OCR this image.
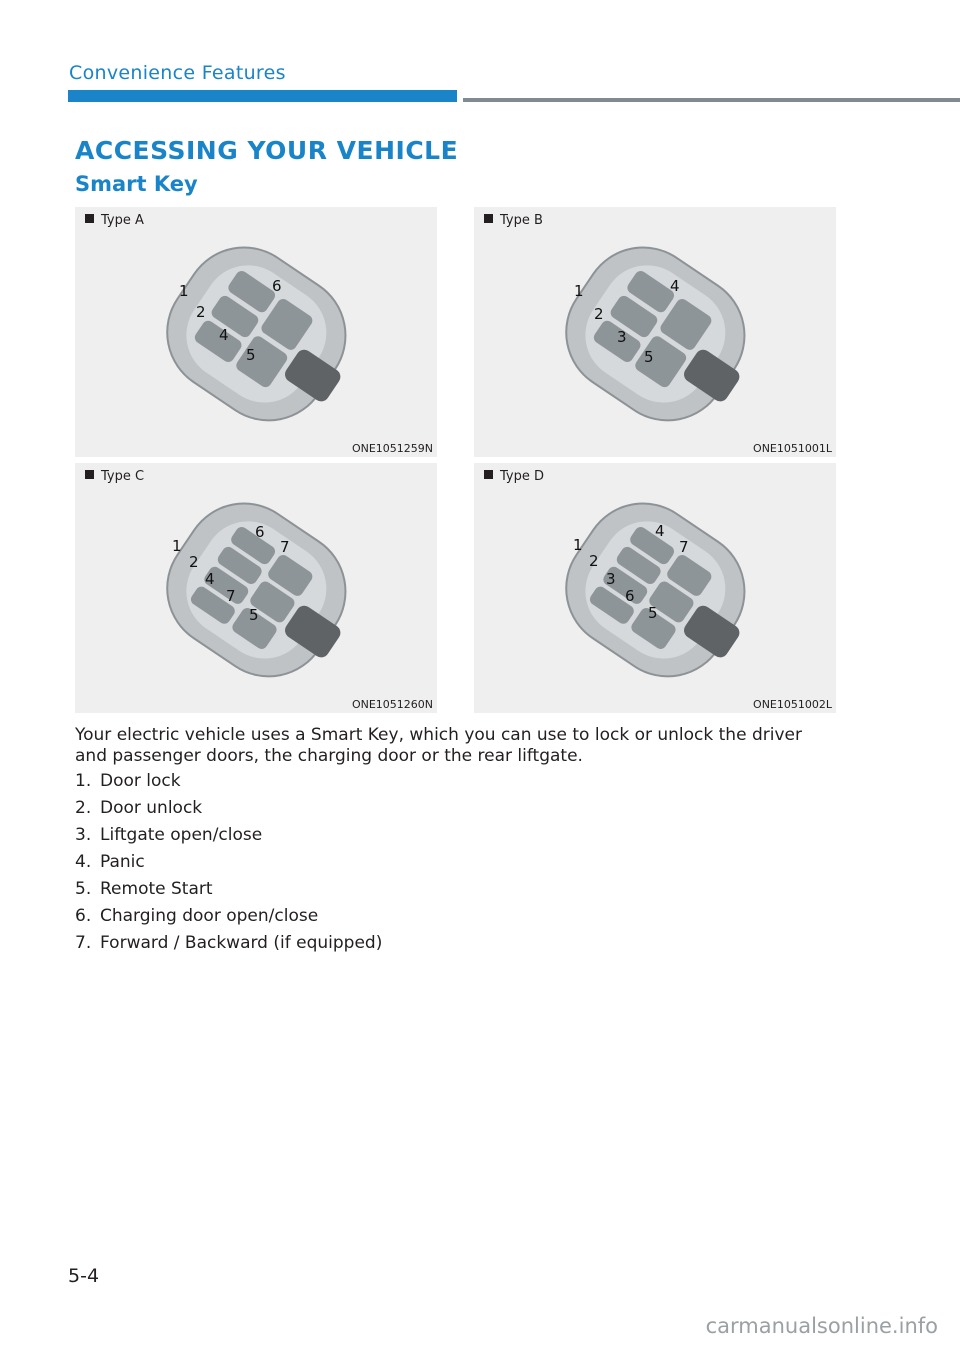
Convenience Features
ACCESSING YOUR VEHICLE
Smart Key
1
2
4
5
6
Type A
ONE1051259N
1
2
3
5
4
Type B
ONE1051001L
1
2
4
7
5
6
7
Type C
ONE1051260N
1
2
3
6
5
4
7
Type D
ONE1051002L
Your electric vehicle uses a Smart Key, which you can use to lock or unlock the driver and passenger doors, the charging door or the rear liftgate.
1. Door lock
2. Door unlock
3. Liftgate open/close
4. Panic
5. Remote Start
6. Charging door open/close
7. Forward / Backward (if equipped)
5-4
carmanualsonline.info
